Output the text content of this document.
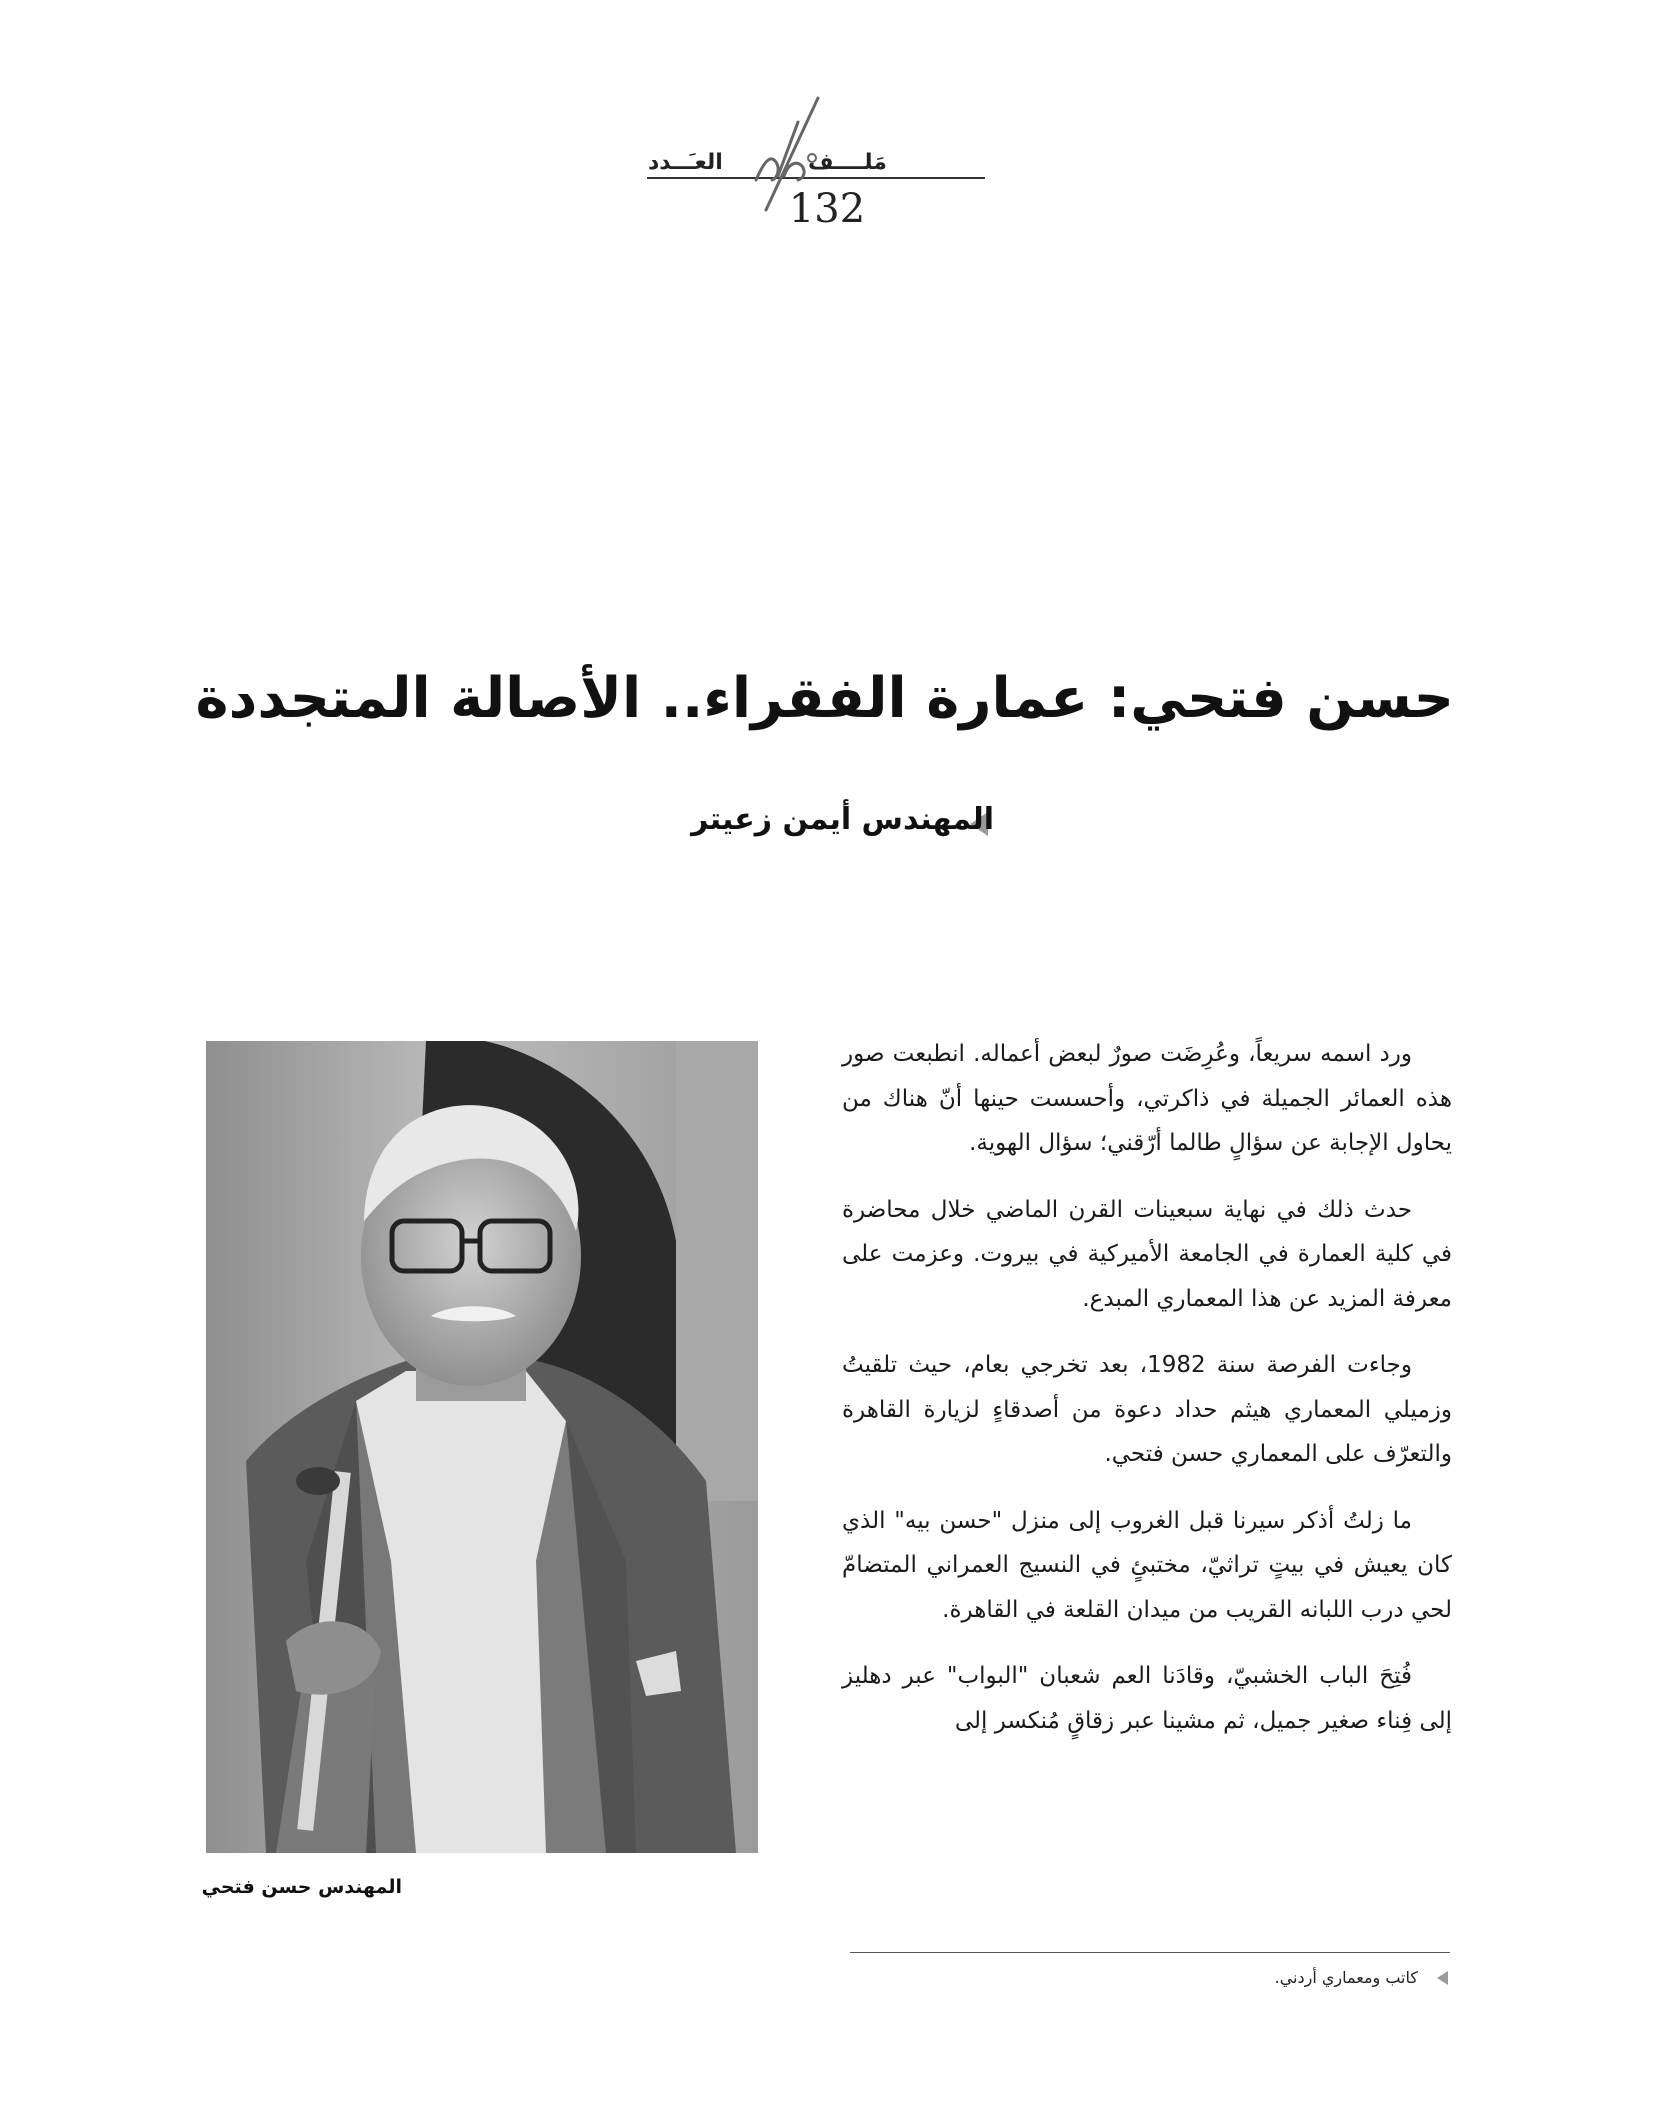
مَلــــف
العـَــدد
132
حسن فتحي: عمارة الفقراء.. الأصالة المتجددة
المهندس أيمن زعيتر
المهندس حسن فتحي

ورد اسمه سريعاً، وعُرِضَت صورٌ لبعض أعماله. انطبعت صور هذه العمائر الجميلة في ذاكرتي، وأحسست حينها أنّ هناك من يحاول الإجابة عن سؤالٍ طالما أرّقني؛ سؤال الهوية.

حدث ذلك في نهاية سبعينات القرن الماضي خلال محاضرة في كلية العمارة في الجامعة الأميركية في بيروت. وعزمت على معرفة المزيد عن هذا المعماري المبدع.

وجاءت الفرصة سنة 1982، بعد تخرجي بعام، حيث تلقيتُ وزميلي المعماري هيثم حداد دعوة من أصدقاءٍ لزيارة القاهرة والتعرّف على المعماري حسن فتحي.

ما زلتُ أذكر سيرنا قبل الغروب إلى منزل "حسن بيه" الذي كان يعيش في بيتٍ تراثيّ، مختبئٍ في النسيج العمراني المتضامّ لحي درب اللبانه القريب من ميدان القلعة في القاهرة.

فُتِحَ الباب الخشبيّ، وقادَنا العم شعبان "البواب" عبر دهليز إلى فِناء صغير جميل، ثم مشينا عبر زقاقٍ مُنكسر إلى

كاتب ومعماري أردني.
